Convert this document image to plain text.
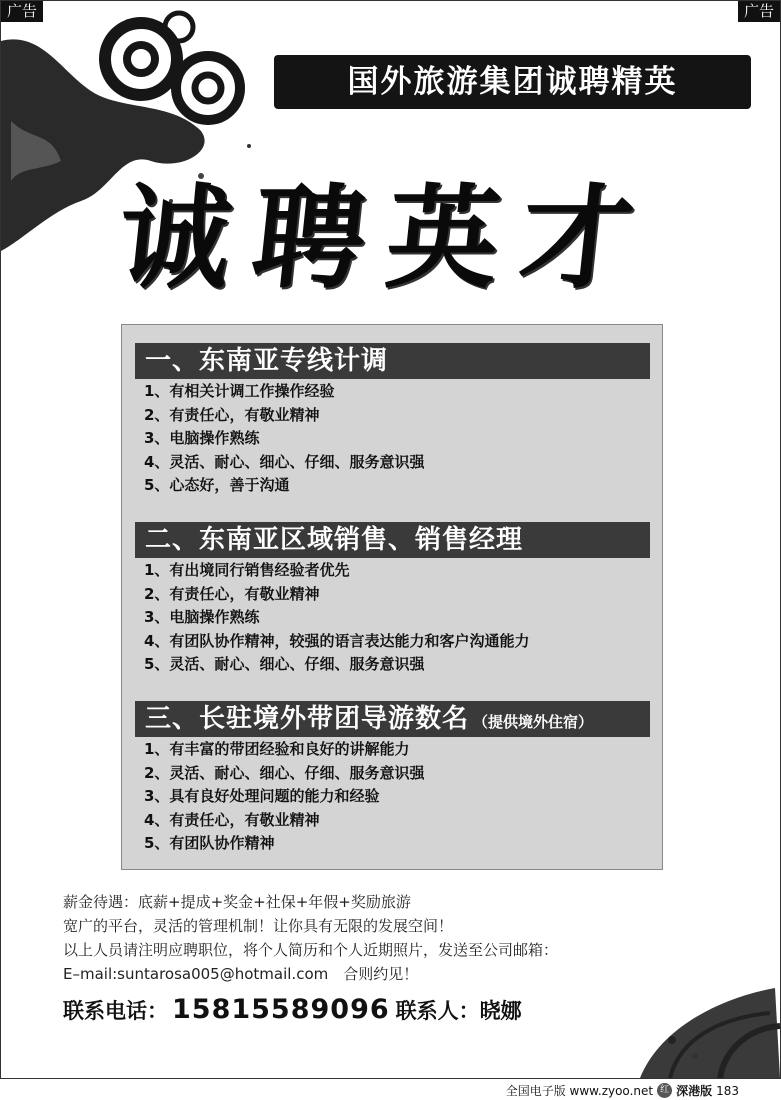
广告	广告
国外旅游集团诚聘精英
诚聘英才
一、东南亚专线计调
1、有相关计调工作操作经验
2、有责任心，有敬业精神
3、电脑操作熟练
4、灵活、耐心、细心、仔细、服务意识强
5、心态好，善于沟通
二、东南亚区域销售、销售经理
1、有出境同行销售经验者优先
2、有责任心，有敬业精神
3、电脑操作熟练
4、有团队协作精神，较强的语言表达能力和客户沟通能力
5、灵活、耐心、细心、仔细、服务意识强
三、长驻境外带团导游数名 （提供境外住宿）
1、有丰富的带团经验和良好的讲解能力
2、灵活、耐心、细心、仔细、服务意识强
3、具有良好处理问题的能力和经验
4、有责任心，有敬业精神
5、有团队协作精神
薪金待遇：底薪+提成+奖金+社保+年假+奖励旅游
宽广的平台，灵活的管理机制！让你具有无限的发展空间！
以上人员请注明应聘职位，将个人简历和个人近期照片，发送至公司邮箱：
E–mail:suntarosa005@hotmail.com　合则约见！
联系电话： 15815589096 联系人：晓娜
全国电子版 www.zyoo.net 红 深港版 183
